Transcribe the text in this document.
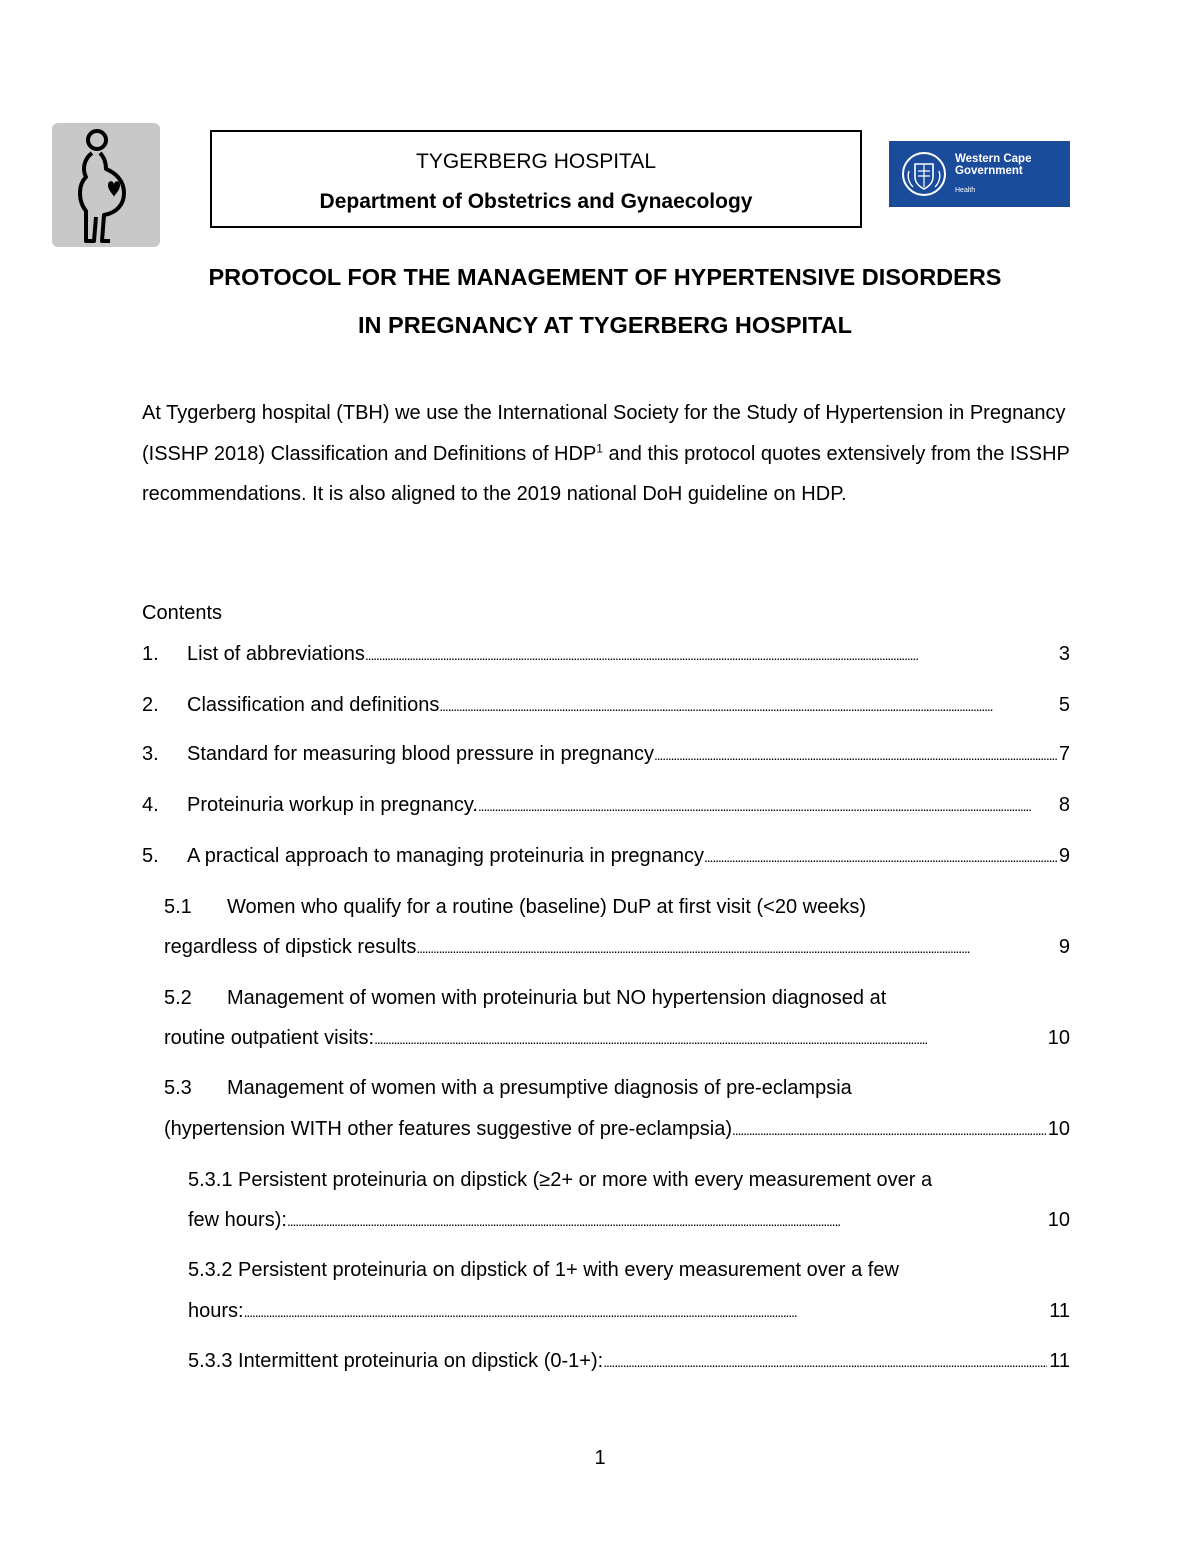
TYGERBERG HOSPITAL
Department of Obstetrics and Gynaecology
Western Cape Government
Health
PROTOCOL FOR THE MANAGEMENT OF HYPERTENSIVE DISORDERS
IN PREGNANCY AT TYGERBERG HOSPITAL

At Tygerberg hospital (TBH) we use the International Society for the Study of Hypertension in Pregnancy (ISSHP 2018) Classification and Definitions of HDP$^1$ and this protocol quotes extensively from the ISSHP recommendations. It is also aligned to the 2019 national DoH guideline on HDP.

Contents
1.	List of abbreviations . . .	3
2.	Classification and definitions . . .	5
3.	Standard for measuring blood pressure in pregnancy . . .	7
4.	Proteinuria workup in pregnancy. . . .	8
5.	A practical approach to managing proteinuria in pregnancy . . .	9
5.1 Women who qualify for a routine (baseline) DuP at first visit (<20 weeks)
regardless of dipstick results . . .	9
5.2 Management of women with proteinuria but NO hypertension diagnosed at
routine outpatient visits: . . .	10
5.3 Management of women with a presumptive diagnosis of pre-eclampsia
(hypertension WITH other features suggestive of pre-eclampsia) . . .	10
5.3.1 Persistent proteinuria on dipstick (≥2+ or more with every measurement over a
few hours): . . .	10
5.3.2 Persistent proteinuria on dipstick of 1+ with every measurement over a few
hours: . . .	11
5.3.3 Intermittent proteinuria on dipstick (0-1+): . . .	11
1
